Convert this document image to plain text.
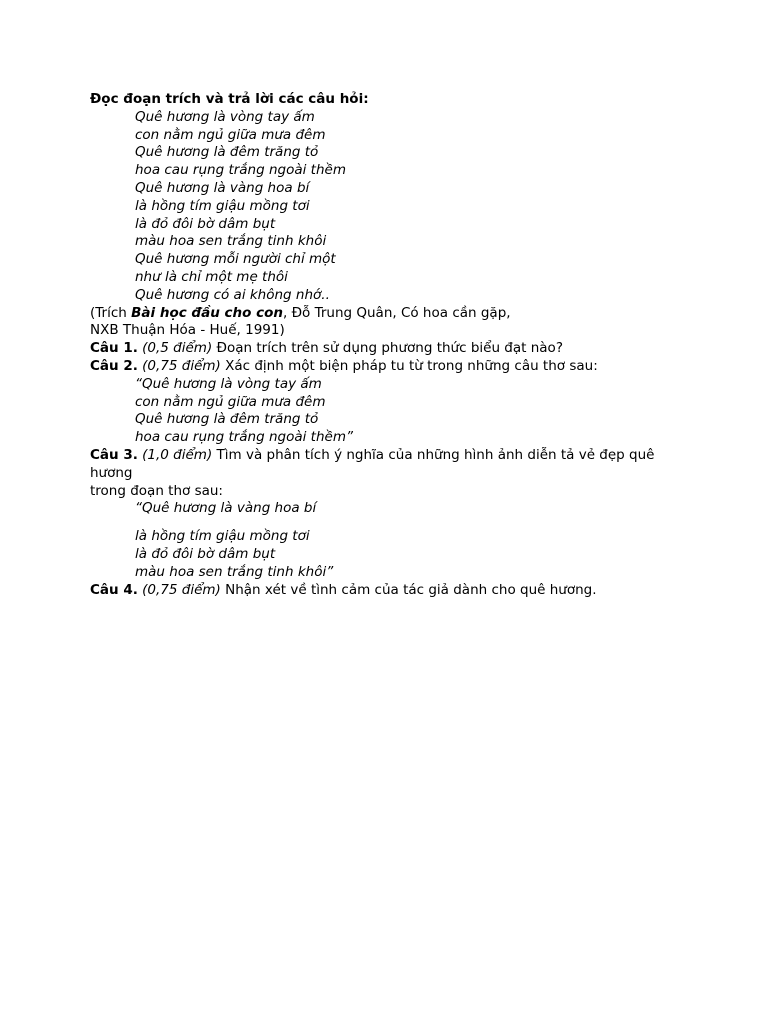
Đọc đoạn trích và trả lời các câu hỏi:
Quê hương là vòng tay ấm
con nằm ngủ giữa mưa đêm
Quê hương là đêm trăng tỏ
hoa cau rụng trắng ngoài thềm
Quê hương là vàng hoa bí
là hồng tím giậu mồng tơi
là đỏ đôi bờ dâm bụt
màu hoa sen trắng tinh khôi
Quê hương mỗi người chỉ một
như là chỉ một mẹ thôi
Quê hương có ai không nhớ..
(Trích Bài học đầu cho con, Đỗ Trung Quân, Có hoa cần gặp,
NXB Thuận Hóa - Huế, 1991)
Câu 1. (0,5 điểm) Đoạn trích trên sử dụng phương thức biểu đạt nào?
Câu 2. (0,75 điểm) Xác định một biện pháp tu từ trong những câu thơ sau:
“Quê hương là vòng tay ấm
con nằm ngủ giữa mưa đêm
Quê hương là đêm trăng tỏ
hoa cau rụng trắng ngoài thềm”
Câu 3. (1,0 điểm) Tìm và phân tích ý nghĩa của những hình ảnh diễn tả vẻ đẹp quê hương
trong đoạn thơ sau:
“Quê hương là vàng hoa bí
là hồng tím giậu mồng tơi
là đỏ đôi bờ dâm bụt
màu hoa sen trắng tinh khôi”
Câu 4. (0,75 điểm) Nhận xét về tình cảm của tác giả dành cho quê hương.
